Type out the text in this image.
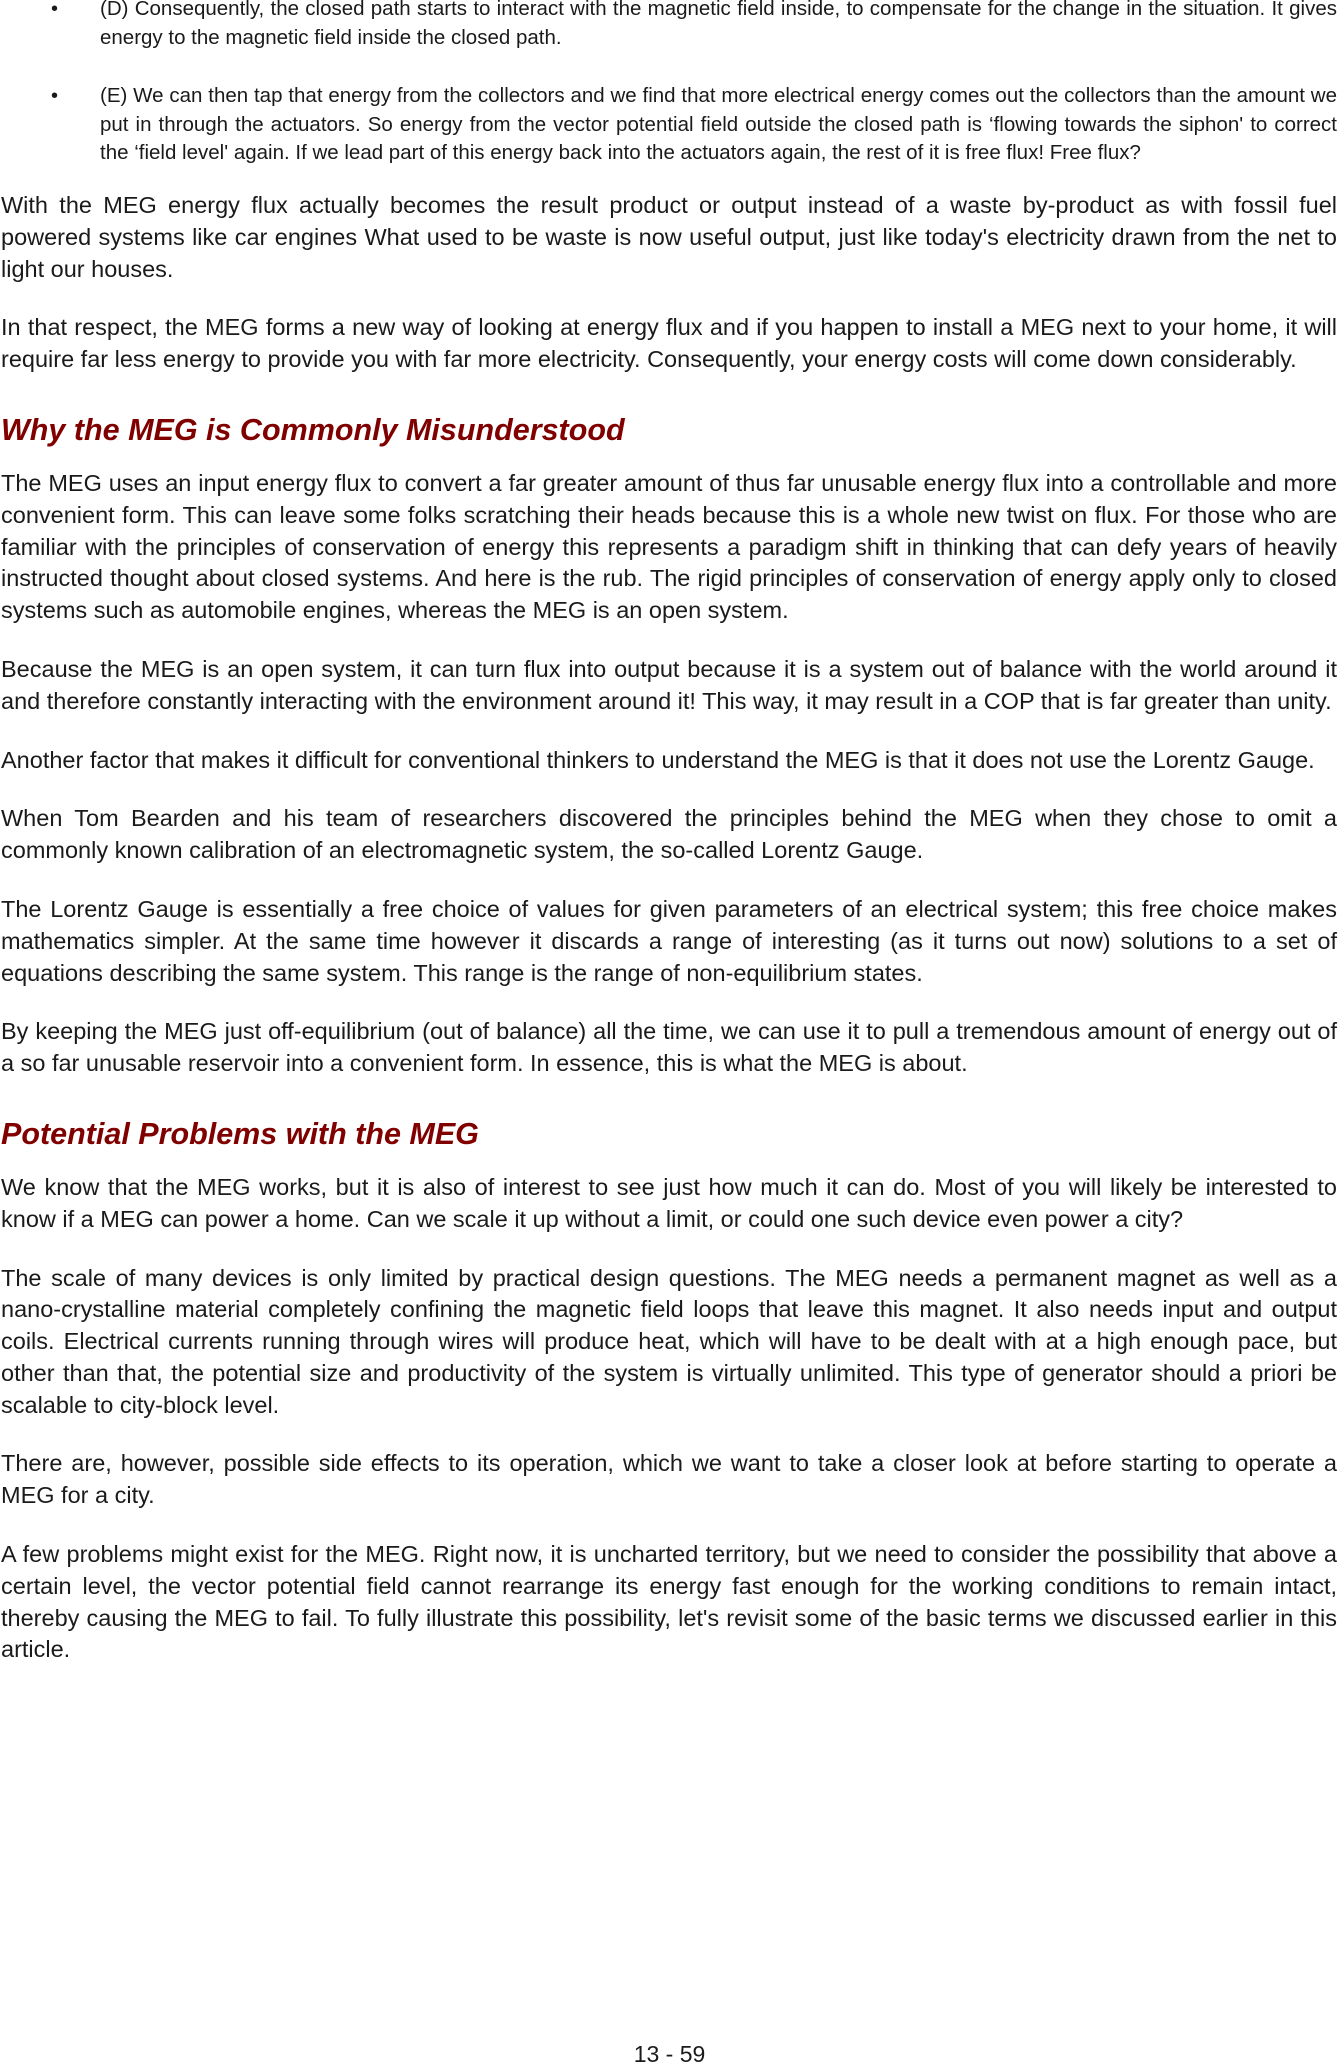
• (D) Consequently, the closed path starts to interact with the magnetic field inside, to compensate for the change in the situation. It gives energy to the magnetic field inside the closed path.
• (E) We can then tap that energy from the collectors and we find that more electrical energy comes out the collectors than the amount we put in through the actuators. So energy from the vector potential field outside the closed path is ‘flowing towards the siphon' to correct the ‘field level' again. If we lead part of this energy back into the actuators again, the rest of it is free flux! Free flux?

With the MEG energy flux actually becomes the result product or output instead of a waste by-product as with fossil fuel powered systems like car engines What used to be waste is now useful output, just like today's electricity drawn from the net to light our houses.

In that respect, the MEG forms a new way of looking at energy flux and if you happen to install a MEG next to your home, it will require far less energy to provide you with far more electricity. Consequently, your energy costs will come down considerably.

Why the MEG is Commonly Misunderstood

The MEG uses an input energy flux to convert a far greater amount of thus far unusable energy flux into a controllable and more convenient form. This can leave some folks scratching their heads because this is a whole new twist on flux. For those who are familiar with the principles of conservation of energy this represents a paradigm shift in thinking that can defy years of heavily instructed thought about closed systems. And here is the rub. The rigid principles of conservation of energy apply only to closed systems such as automobile engines, whereas the MEG is an open system.

Because the MEG is an open system, it can turn flux into output because it is a system out of balance with the world around it and therefore constantly interacting with the environment around it! This way, it may result in a COP that is far greater than unity.

Another factor that makes it difficult for conventional thinkers to understand the MEG is that it does not use the Lorentz Gauge.

When Tom Bearden and his team of researchers discovered the principles behind the MEG when they chose to omit a commonly known calibration of an electromagnetic system, the so-called Lorentz Gauge.

The Lorentz Gauge is essentially a free choice of values for given parameters of an electrical system; this free choice makes mathematics simpler. At the same time however it discards a range of interesting (as it turns out now) solutions to a set of equations describing the same system. This range is the range of non-equilibrium states.

By keeping the MEG just off-equilibrium (out of balance) all the time, we can use it to pull a tremendous amount of energy out of a so far unusable reservoir into a convenient form. In essence, this is what the MEG is about.

Potential Problems with the MEG

We know that the MEG works, but it is also of interest to see just how much it can do. Most of you will likely be interested to know if a MEG can power a home. Can we scale it up without a limit, or could one such device even power a city?

The scale of many devices is only limited by practical design questions. The MEG needs a permanent magnet as well as a nano-crystalline material completely confining the magnetic field loops that leave this magnet. It also needs input and output coils. Electrical currents running through wires will produce heat, which will have to be dealt with at a high enough pace, but other than that, the potential size and productivity of the system is virtually unlimited. This type of generator should a priori be scalable to city-block level.

There are, however, possible side effects to its operation, which we want to take a closer look at before starting to operate a MEG for a city.

A few problems might exist for the MEG. Right now, it is uncharted territory, but we need to consider the possibility that above a certain level, the vector potential field cannot rearrange its energy fast enough for the working conditions to remain intact, thereby causing the MEG to fail. To fully illustrate this possibility, let's revisit some of the basic terms we discussed earlier in this article.

13 - 59
